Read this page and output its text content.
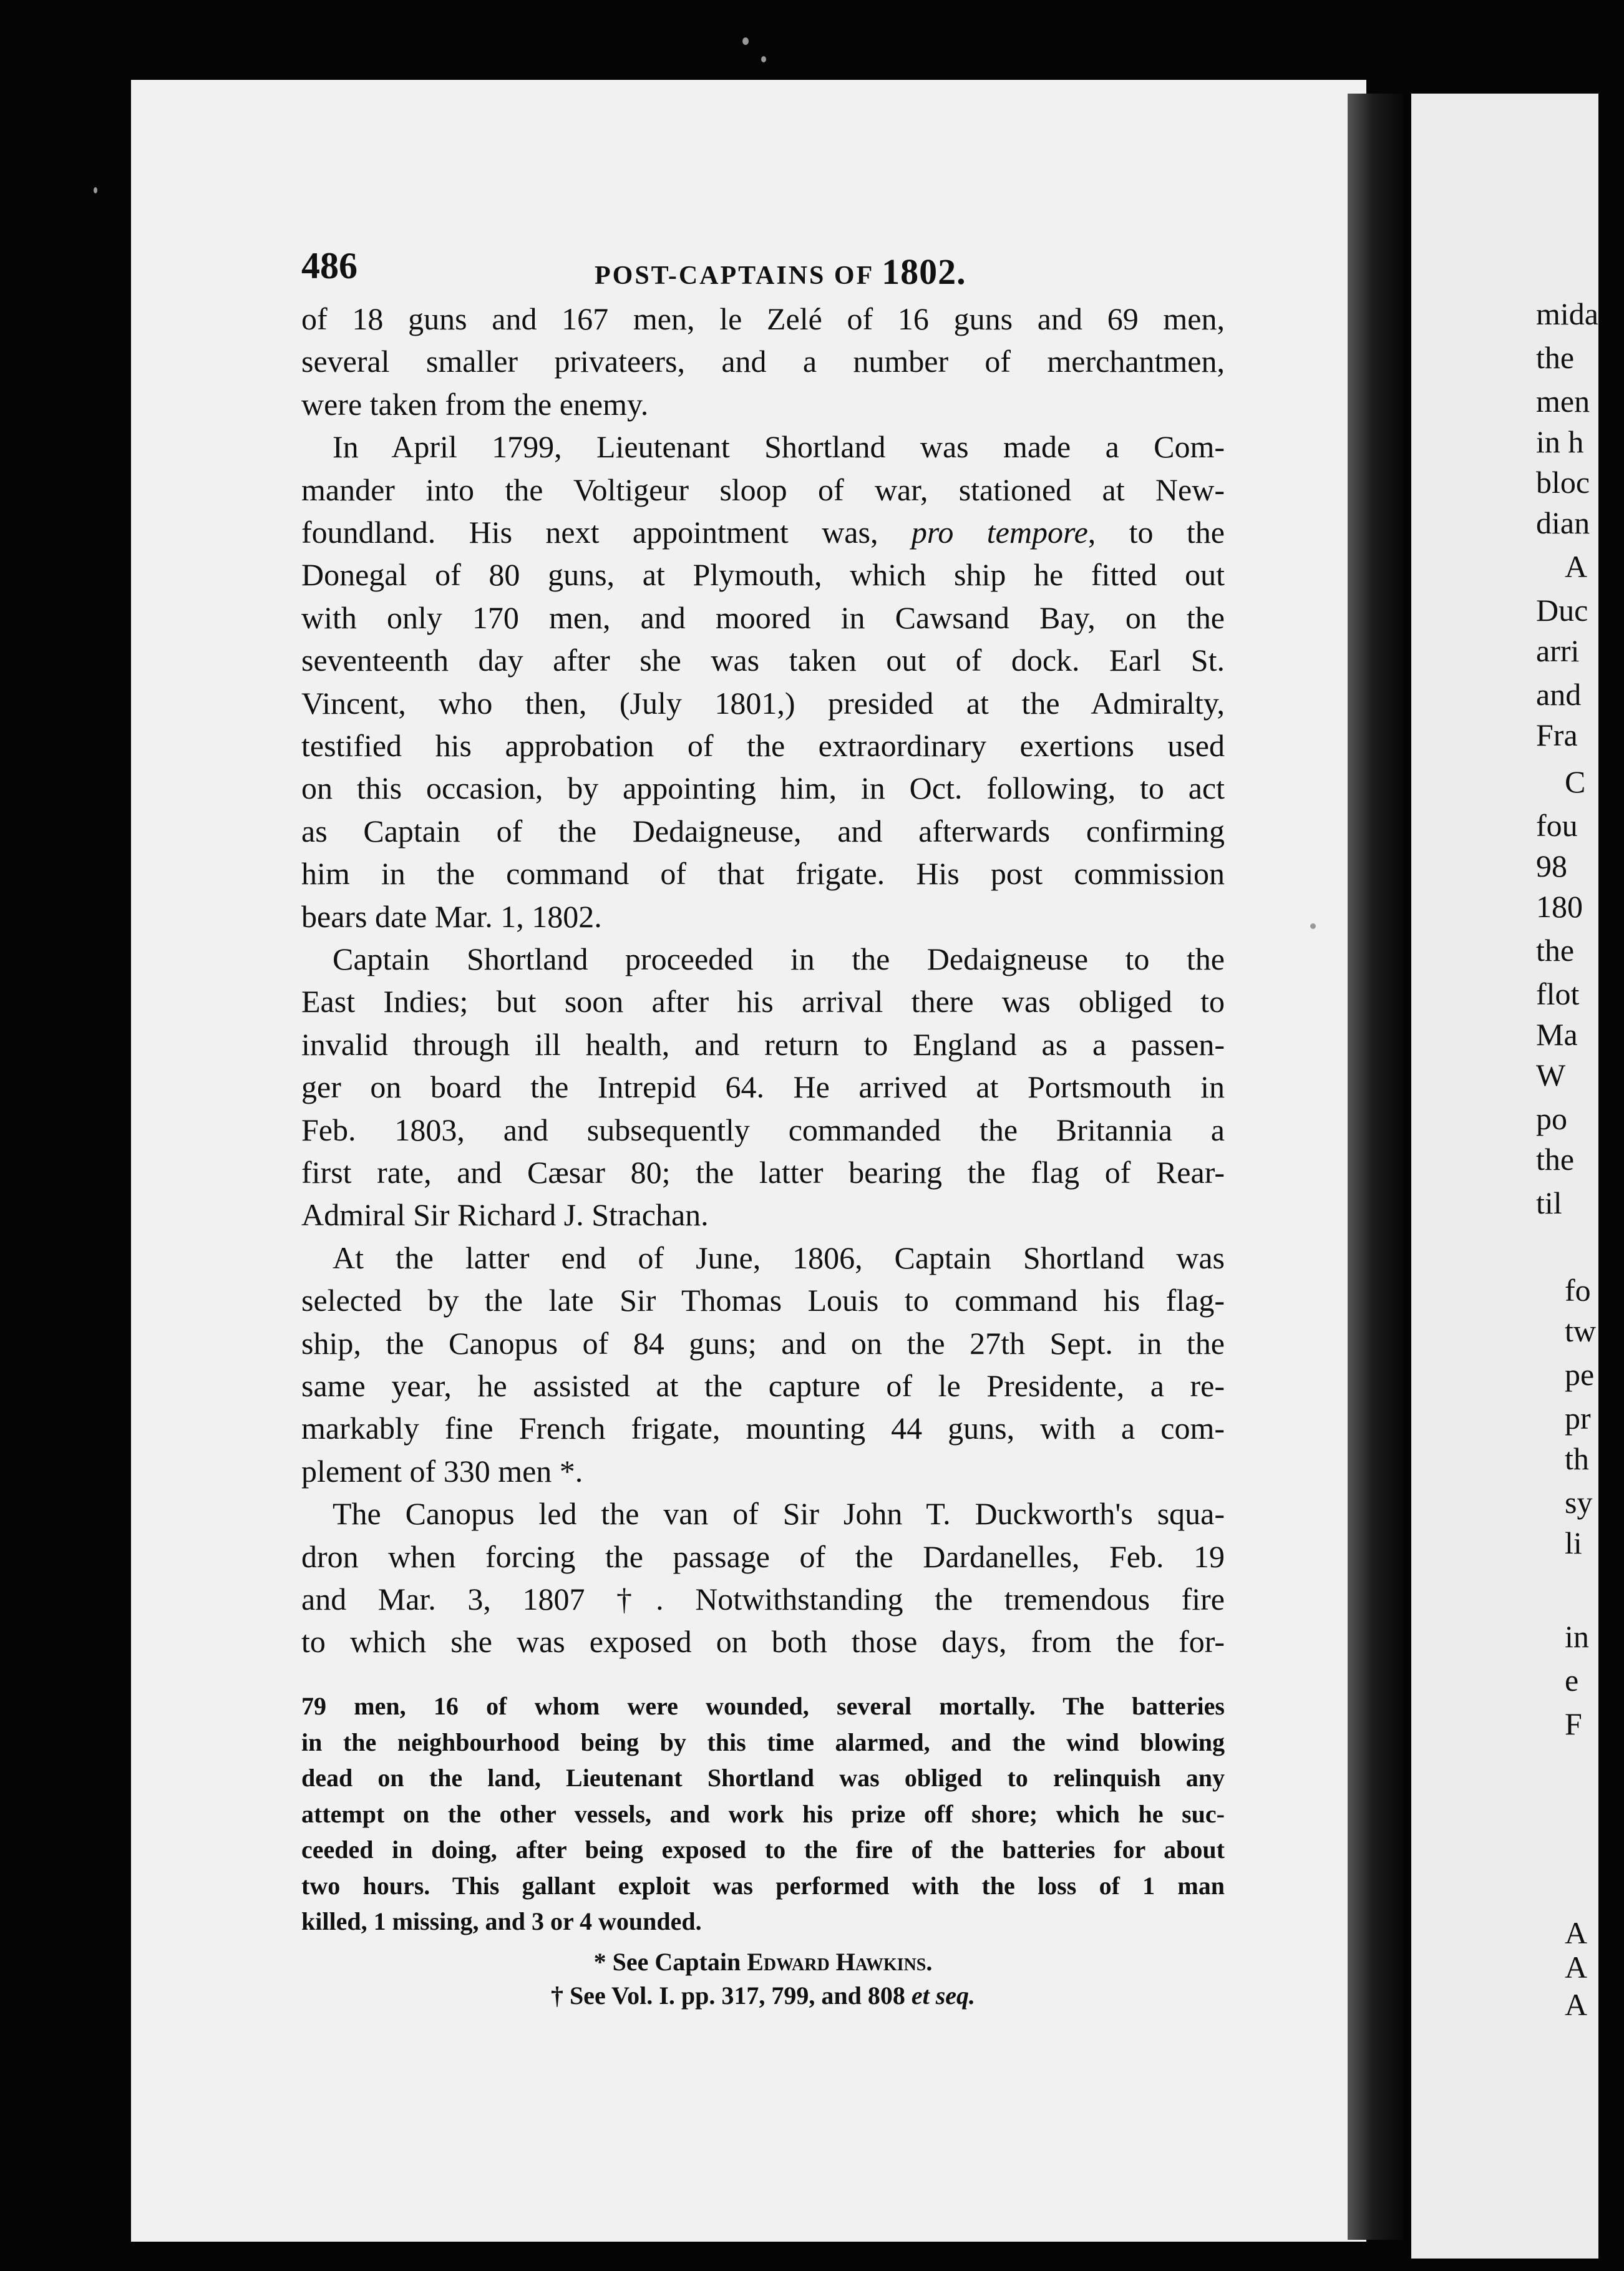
486	POST-CAPTAINS OF 1802.
of 18 guns and 167 men, le Zelé of 16 guns and 69 men,
several smaller privateers, and a number of merchantmen,
were taken from the enemy.
In April 1799, Lieutenant Shortland was made a Com-
mander into the Voltigeur sloop of war, stationed at New-
foundland. His next appointment was, pro tempore, to the
Donegal of 80 guns, at Plymouth, which ship he fitted out
with only 170 men, and moored in Cawsand Bay, on the
seventeenth day after she was taken out of dock. Earl St.
Vincent, who then, (July 1801,) presided at the Admiralty,
testified his approbation of the extraordinary exertions used
on this occasion, by appointing him, in Oct. following, to act
as Captain of the Dedaigneuse, and afterwards confirming
him in the command of that frigate. His post commission
bears date Mar. 1, 1802.
Captain Shortland proceeded in the Dedaigneuse to the
East Indies; but soon after his arrival there was obliged to
invalid through ill health, and return to England as a passen-
ger on board the Intrepid 64. He arrived at Portsmouth in
Feb. 1803, and subsequently commanded the Britannia a
first rate, and Cæsar 80; the latter bearing the flag of Rear-
Admiral Sir Richard J. Strachan.
At the latter end of June, 1806, Captain Shortland was
selected by the late Sir Thomas Louis to command his flag-
ship, the Canopus of 84 guns; and on the 27th Sept. in the
same year, he assisted at the capture of le Presidente, a re-
markably fine French frigate, mounting 44 guns, with a com-
plement of 330 men *.
The Canopus led the van of Sir John T. Duckworth's squa-
dron when forcing the passage of the Dardanelles, Feb. 19
and Mar. 3, 1807 †. Notwithstanding the tremendous fire
to which she was exposed on both those days, from the for-
79 men, 16 of whom were wounded, several mortally. The batteries
in the neighbourhood being by this time alarmed, and the wind blowing
dead on the land, Lieutenant Shortland was obliged to relinquish any
attempt on the other vessels, and work his prize off shore; which he suc-
ceeded in doing, after being exposed to the fire of the batteries for about
two hours. This gallant exploit was performed with the loss of 1 man
killed, 1 missing, and 3 or 4 wounded.
* See Captain Edward Hawkins.
† See Vol. I. pp. 317, 799, and 808 et seq.
mida
the
men
in h
bloc
dian
A
Duc
arri
and
Fra
C
fou
98
180
the
flot
Ma
W
po
the
til
fo
tw
pe
pr
th
sy
li
in
e
F
A
A
A
